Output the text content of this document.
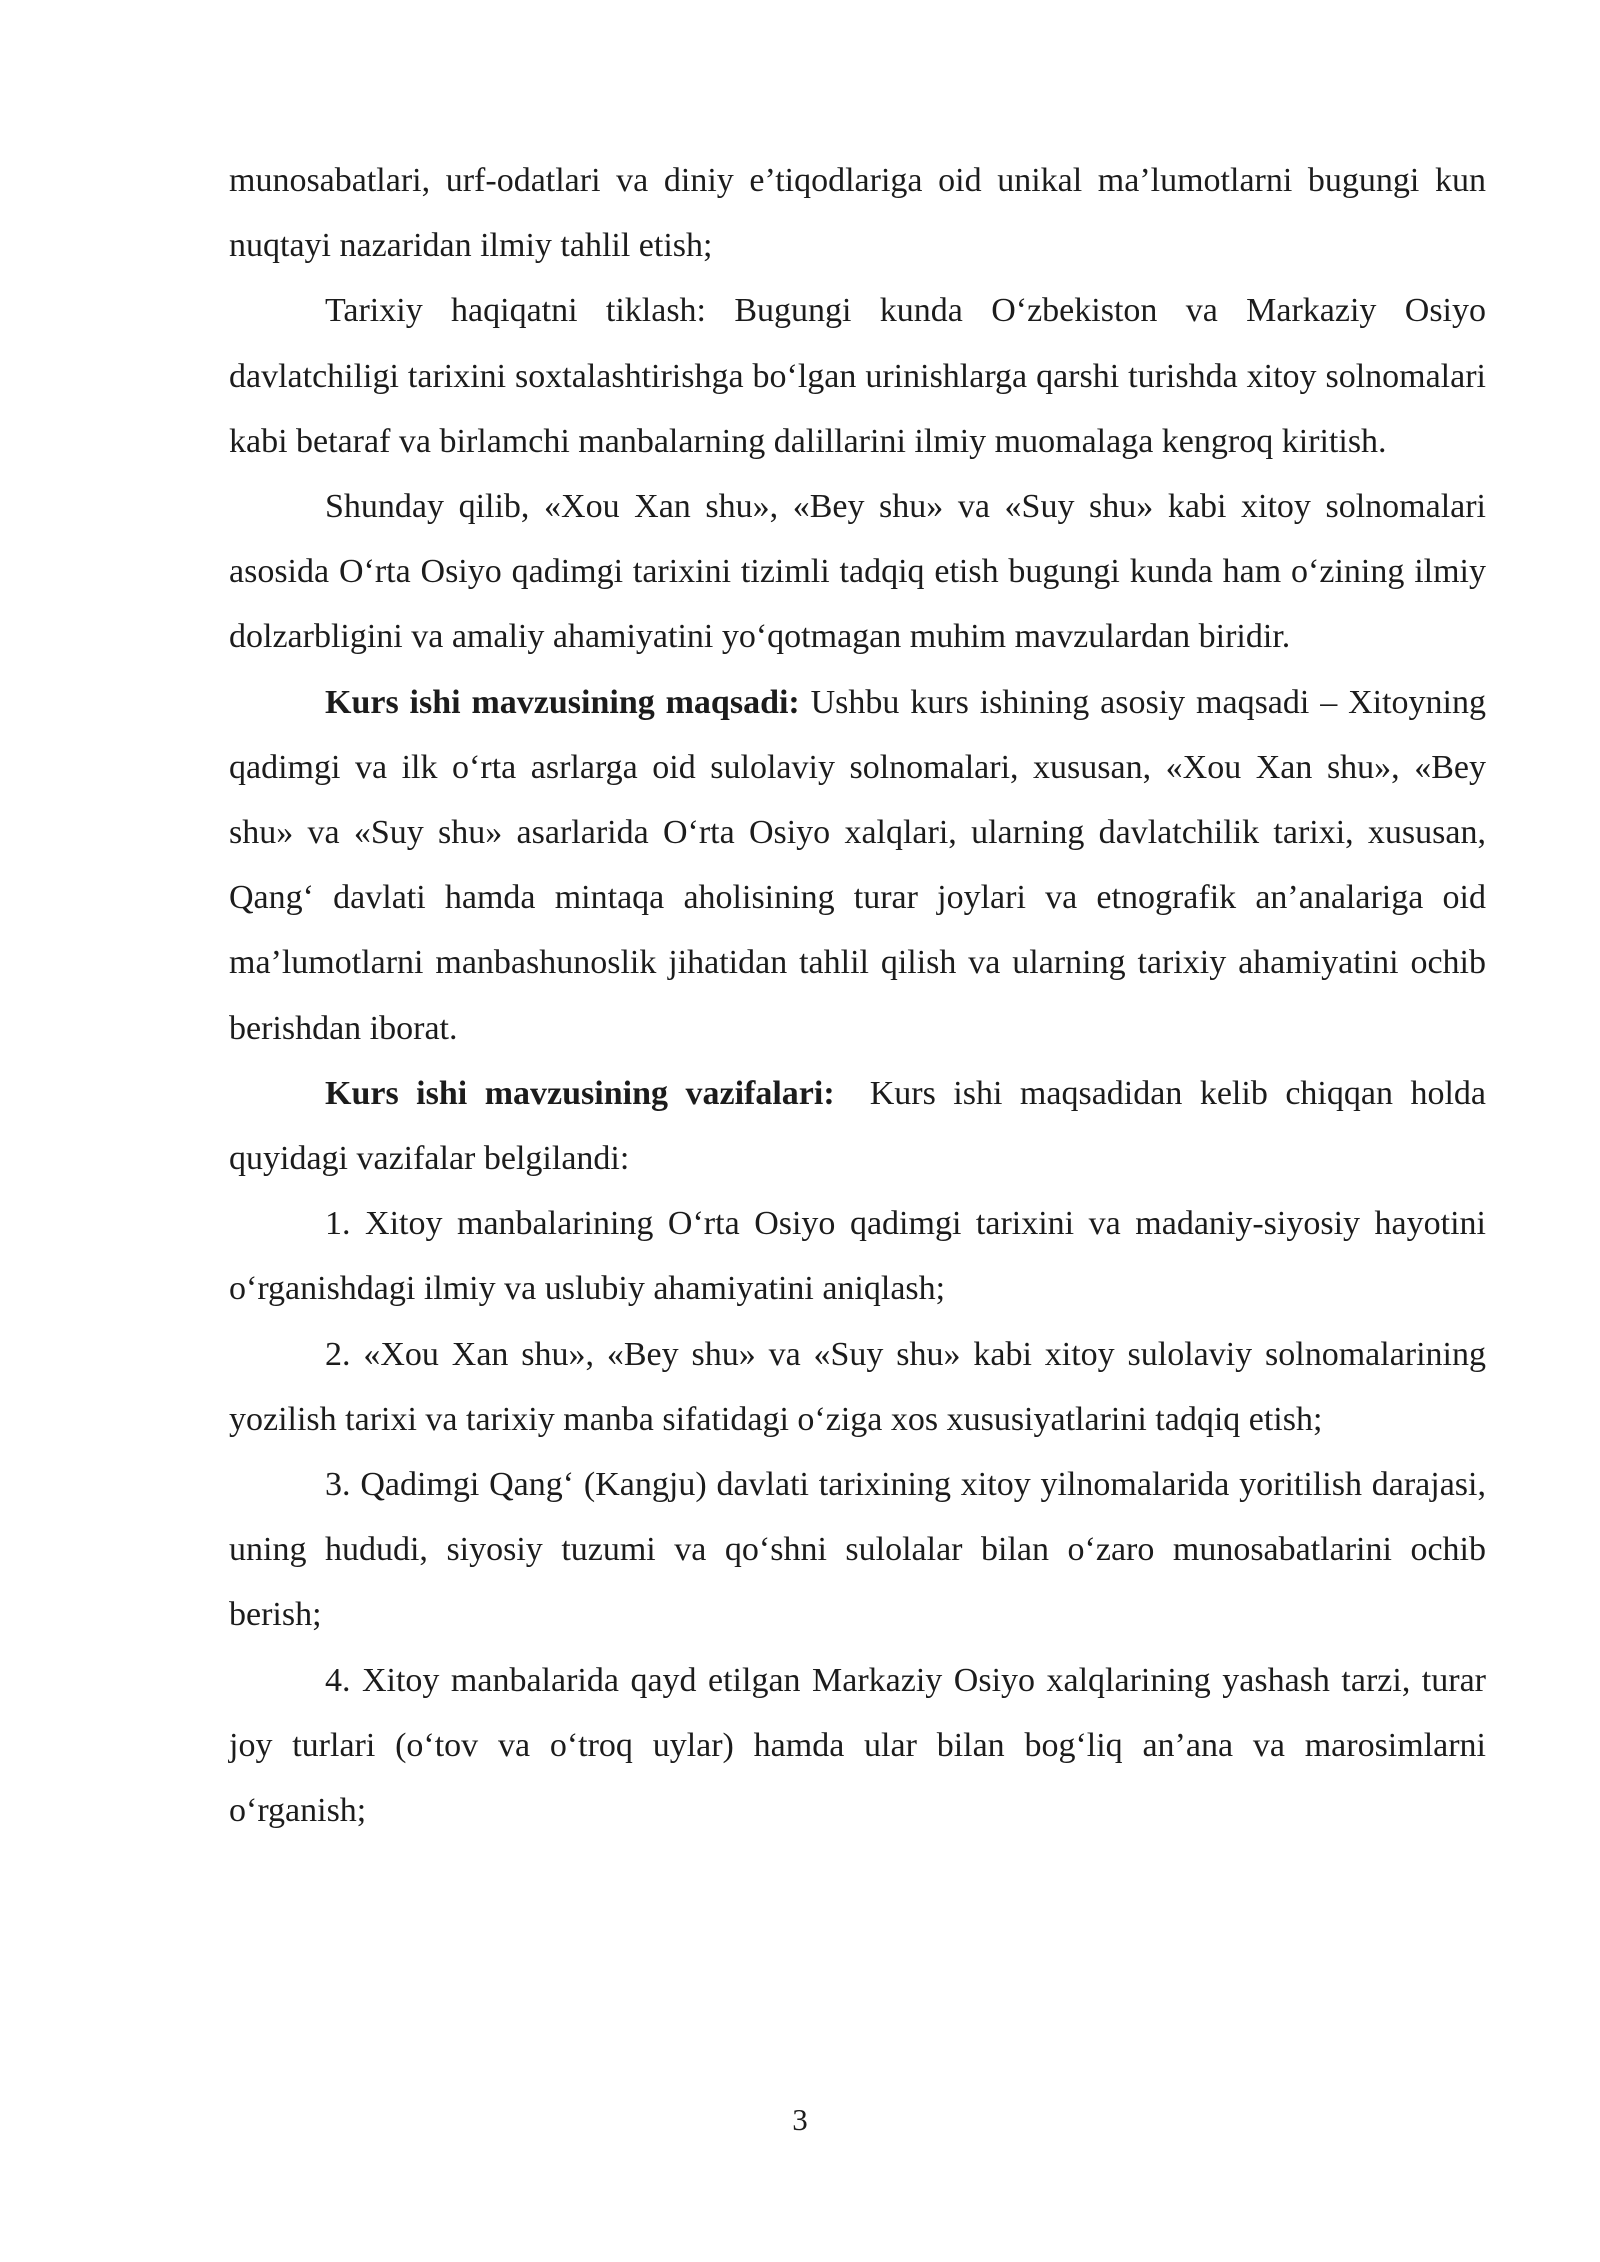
munosabatlari, urf-odatlari va diniy e’tiqodlariga oid unikal ma’lumotlarni bugungi kun nuqtayi nazaridan ilmiy tahlil etish;

Tarixiy haqiqatni tiklash: Bugungi kunda O‘zbekiston va Markaziy Osiyo davlatchiligi tarixini soxtalashtirishga bo‘lgan urinishlarga qarshi turishda xitoy solnomalari kabi betaraf va birlamchi manbalarning dalillarini ilmiy muomalaga kengroq kiritish.

Shunday qilib, «Xou Xan shu», «Bey shu» va «Suy shu» kabi xitoy solnomalari asosida O‘rta Osiyo qadimgi tarixini tizimli tadqiq etish bugungi kunda ham o‘zining ilmiy dolzarbligini va amaliy ahamiyatini yo‘qotmagan muhim mavzulardan biridir.

Kurs ishi mavzusining maqsadi: Ushbu kurs ishining asosiy maqsadi – Xitoyning qadimgi va ilk o‘rta asrlarga oid sulolaviy solnomalari, xususan, «Xou Xan shu», «Bey shu» va «Suy shu» asarlarida O‘rta Osiyo xalqlari, ularning davlatchilik tarixi, xususan, Qang‘ davlati hamda mintaqa aholisining turar joylari va etnografik an’analariga oid ma’lumotlarni manbashunoslik jihatidan tahlil qilish va ularning tarixiy ahamiyatini ochib berishdan iborat.

Kurs ishi mavzusining vazifalari:  Kurs ishi maqsadidan kelib chiqqan holda quyidagi vazifalar belgilandi:

1. Xitoy manbalarining O‘rta Osiyo qadimgi tarixini va madaniy-siyosiy hayotini o‘rganishdagi ilmiy va uslubiy ahamiyatini aniqlash;

2. «Xou Xan shu», «Bey shu» va «Suy shu» kabi xitoy sulolaviy solnomalarining yozilish tarixi va tarixiy manba sifatidagi o‘ziga xos xususiyatlarini tadqiq etish;

3. Qadimgi Qang‘ (Kangju) davlati tarixining xitoy yilnomalarida yoritilish darajasi, uning hududi, siyosiy tuzumi va qo‘shni sulolalar bilan o‘zaro munosabatlarini ochib berish;

4. Xitoy manbalarida qayd etilgan Markaziy Osiyo xalqlarining yashash tarzi, turar joy turlari (o‘tov va o‘troq uylar) hamda ular bilan bog‘liq an’ana va marosimlarni o‘rganish;

3
